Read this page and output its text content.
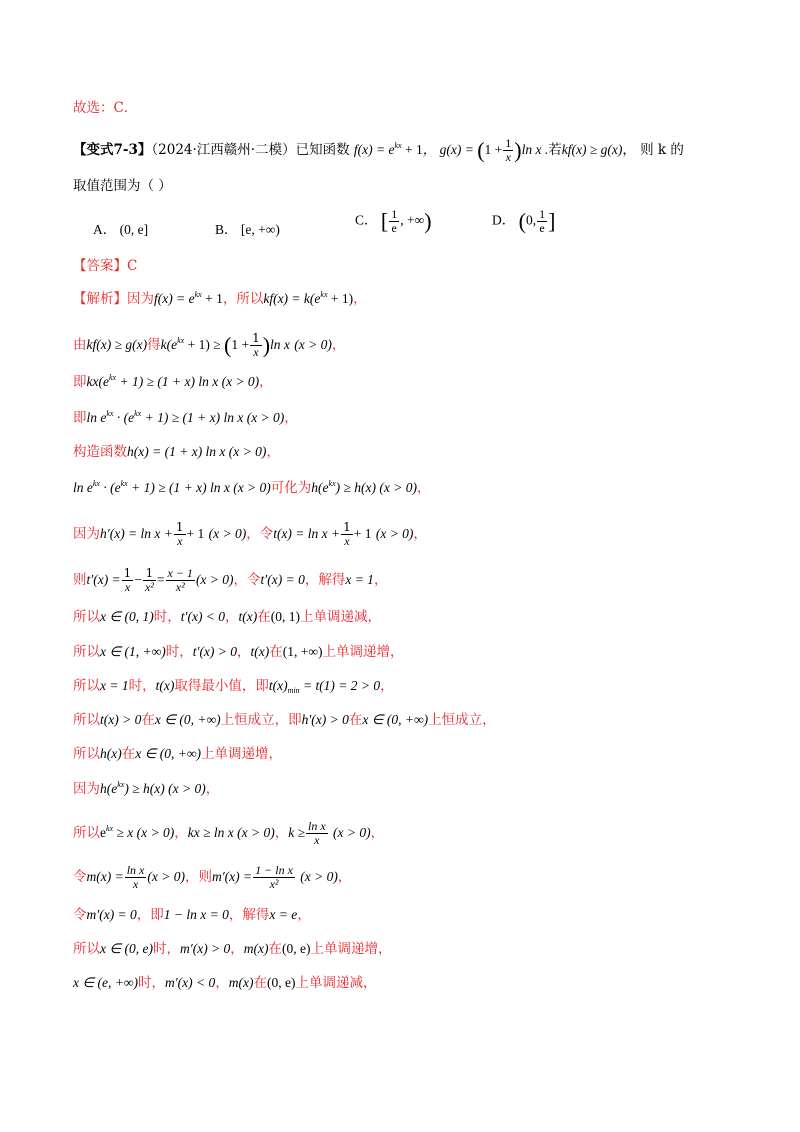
故选：C．
【变式7-3】（2024·江西赣州·二模）已知函数 $f(x) = e^{kx} + 1$， $g(x) = (1 + \frac{1}{x} )\ln$ x .若kf(x) ≥ g(x)， 则 k 的
取值范围为（ ）
A． (0, e]	B． [e, +∞)
C． [ $\frac{1}{e}$ , +∞)	D． (0, $\frac{1}{e}$ ]
【答案】C
【解析】因为$f(x) = e^{kx} + 1$，所以$kf(x) = k(e^{kx} + 1)$，
由kf(x) ≥ g(x)得$k(e^{kx} + 1) \ge (1 + \frac{1}{x} )\ln$ x (x > 0)，
即$kx(e^{kx} + 1) \ge (1 + x)$ ln x (x > 0)，
即$\ln e^{kx} \cdot (e^{kx} + 1) \ge (1 + x)$ ln x (x > 0)，
构造函数h(x) = (1 + x) ln x (x > 0)，
$\ln e^{kx} \cdot (e^{kx} + 1) \ge (1 + x)$ ln x (x > 0)可化为$h(e^{kx}) \ge h(x) (x > 0)$，
因为$h'(x) = \ln x + \frac{1}{x} + 1$ (x > 0)，令$t(x) = \ln x + \frac{1}{x} + 1$ (x > 0)，
则$t'(x) = \frac{1}{x} - \frac{1}{\text{x²}} = \frac{x - 1}{\text{x²}} (x > 0)$，令t′(x) = 0，解得x = 1，
所以x ∈ (0, 1)时，t′(x) < 0，t(x)在(0, 1)上单调递减，
所以x ∈ (1, +∞)时，t′(x) > 0，t(x)在(1, +∞)上单调递增，
所以x = 1时，t(x)取得最小值，即$t(x)_{min} = t(1) = 2 > 0$，
所以t(x) > 0在x ∈ (0, +∞)上恒成立，即h′(x) > 0在x ∈ (0, +∞)上恒成立，
所以h(x)在x ∈ (0, +∞)上单调递增，
因为$h(e^{kx}) \ge h(x) (x > 0)$，
所以$e^{kx} \ge x$ (x > 0)，kx ≥ ln x (x > 0)，$k \ge \frac{\text{ln x}}{x} (x > 0)$，
令$m(x) = \frac{\text{ln x}}{x} (x > 0)$，则$m'(x) = \frac{\text{1 − ln x}}{\text{x²}} (x > 0)$，
令m′(x) = 0，即1 − ln x = 0，解得x = e，
所以x ∈ (0, e)时，m′(x) > 0，m(x)在(0, e)上单调递增，
x ∈ (e, +∞)时，m′(x) < 0，m(x)在(0, e)上单调递减，
